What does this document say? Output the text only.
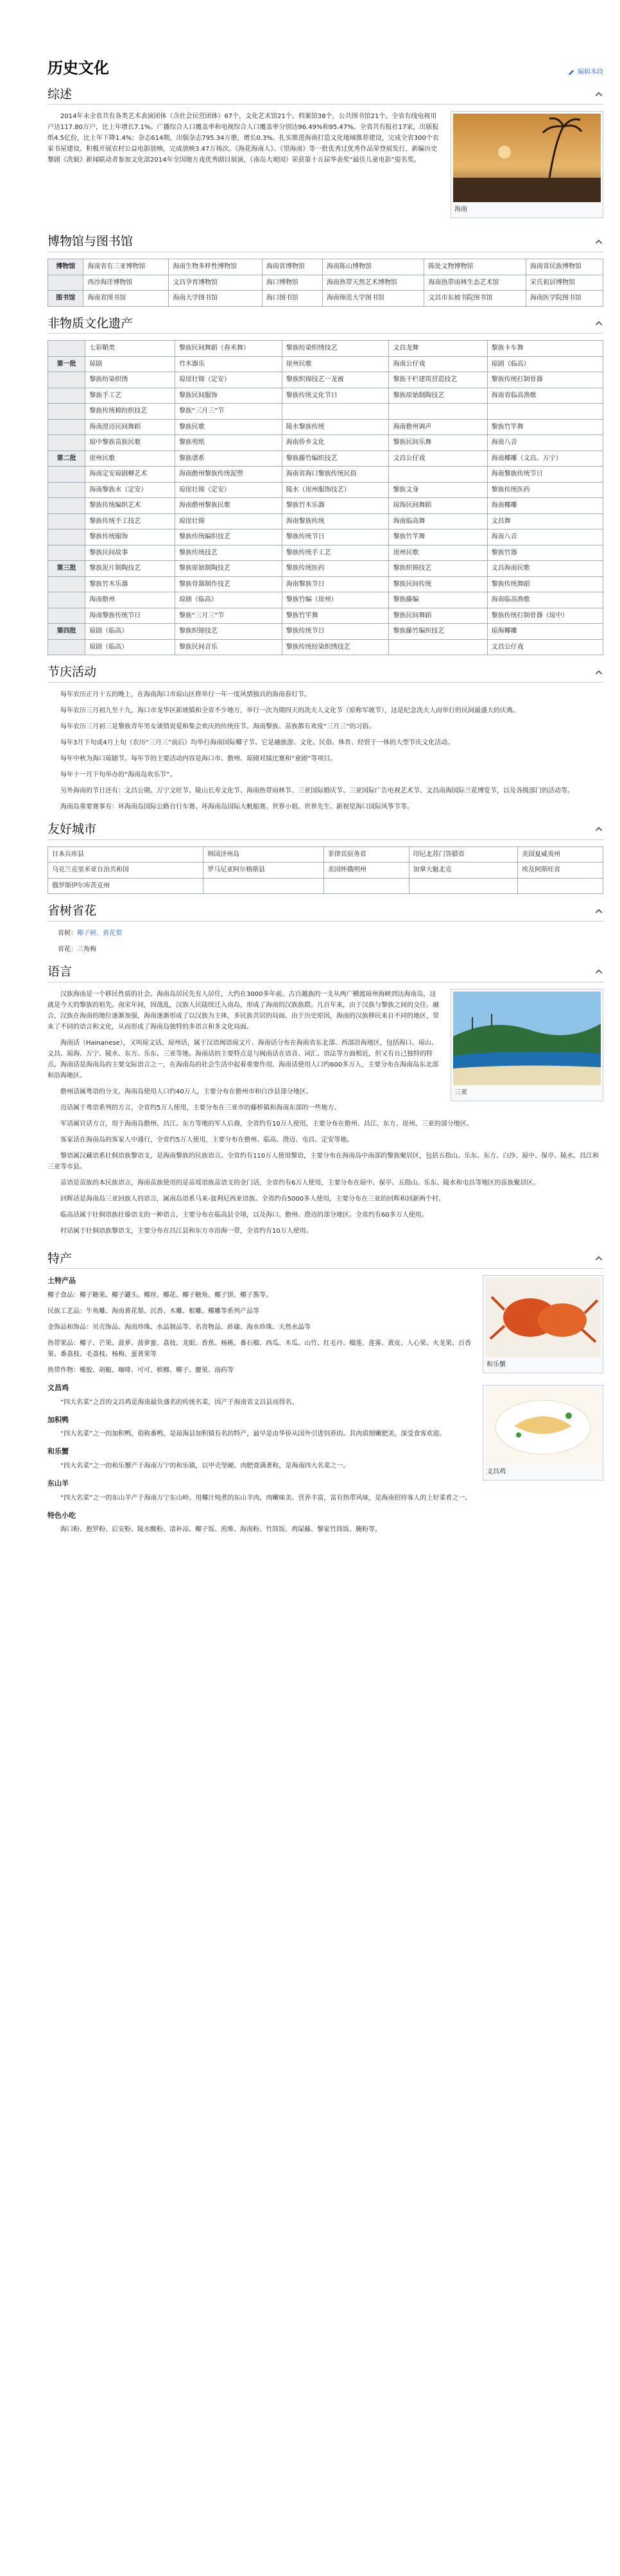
历史文化	编辑本段
综述
海南

2014年末全省共有各类艺术表演团体（含社会民营团体）67个，文化艺术馆21个。档案馆38个，公共图书馆21个。全省有线电视用户达117.80万户，比上年增长7.1%。广播综合人口覆盖率和电视综合人口覆盖率分别达96.49%和95.47%。全省共有报社17家，出版报纸4.5亿份，比上年下降1.4%；杂志614期，出版杂志795.34万册，增长0.3%。扎实推进海南打造文化地域推荐建设，完成全省300个农家书屋建设。积极开展农村公益电影放映，完成放映3.47万场次。《海花海南人》、《望海南》等一批优秀过优秀作品荣登展发行，新编历史黎剧《冼娘》新闻联动者参加文化部2014年全国地方戏优秀剧目展演，《南岛大观园》荣获第十五届华表奖“最佳儿童电影”提名奖。

博物馆与图书馆
博物馆	海南省有三亚博物馆	海南生物多样性博物馆	海南省博物馆	海南陈山博物馆	陈处文物博物馆	海南省民族博物馆
	西沙海洋博物馆	文昌孕育博物馆	海口博物馆	海南热带天然艺术博物馆	海南热带雨林生态艺术馆	宋氏祖居博物馆
图书馆	海南省图书馆	海南大学图书馆	海口图书馆	海南师范大学图书馆	文昌市东坡书院图书馆	海南医学院图书馆
非物质文化遗产
	七彩鞘类	黎族民间舞蹈（舂米舞）	黎族纺染织绣技艺	文昌龙舞	黎族卡车舞
第一批	琼剧	竹木器乐	崖州民歌	海南公仔戏	琼剧（临高）
	黎族纺染织绣	琼崖壮锦（定安）	黎族织锦技艺一龙被	黎族干栏建筑营造技艺	黎族传统打制骨器
	黎族手工艺	黎族民间服饰	黎族传统文化节日	黎族原始制陶技艺	海南省临高渔歌
	黎族传统棉纺织技艺	黎族“三月三”节			
	海南澄迈民间舞蹈	黎族民歌	陵水黎族传统	海南儋州调声	黎族竹竿舞
	琼中黎族苗族民歌	黎族剪纸	海南侨乡文化	黎族民间乐舞	海南八音
第二批	崖州民歌	黎族谱系	黎族藤竹编织技艺	文昌公仔戏	海南椰雕（文昌、万宁）
	海南定安琼剧柳艺术	海南儋州黎族传统泥塑	海南省海口黎族传统民俗		海南黎族传统节日
	海南黎族水（定安）	琼崖壮锦（定安）	陵水（崖州服饰技艺）	黎族文身	黎族传统医药
	黎族传统编织艺术	海南儋州黎族民歌	黎族竹木乐器	琼海民间舞蹈	海南椰雕
	黎族传统手工技艺	琼崖壮锦	海南黎族传统	海南临高舞	文昌舞
	黎族传统服饰	黎族传统编织技艺	黎族传统节日	黎族竹竿舞	海南八音
	黎族民间故事	黎族传统技艺	黎族传统手工艺	崖州民歌	黎族竹器
第三批	黎族泥片制陶技艺	黎族原始制陶技艺	黎族传统医药	黎族织锦技艺	文昌海南民歌
	黎族竹木乐器	黎族骨器制作技艺	海南黎族节日	黎族民间传统	黎族传统舞蹈
	海南儋州	琼剧（临高）	黎族竹编（崖州）	黎族藤编	海南临高渔歌
	海南黎族传统节日	黎族“三月三”节	黎族竹竿舞	黎族民间舞蹈	黎族传统打制骨器（琼中）
第四批	琼剧（临高）	黎族织锦技艺	黎族传统节日	黎族藤竹编织技艺	琼海椰雕
	琼剧（临高）	黎族民间音乐	黎族传统纺染织绣技艺		文昌公仔戏
节庆活动

每年农历正月十五的晚上，在海南海口市琼山区将举行一年一度风情独具的海南春灯节。

每年农历三月初九至十九，海口市龙华区新坡镇和全省不少地方，举行一次为期四天的冼夫人文化节（原称军坡节），这是纪念冼夫人而举行的民间最盛大的庆典。

每年农历三月初三是黎族青年男女谈情说爱和集会欢庆的传统佳节。海南黎族、苗族都有欢度“三月三”的习俗。

每年3月下旬或4月上旬（农历“三月三”前后）均举行海南国际椰子节。它是融旅游、文化、民俗、体育、经贸于一体的大型节庆文化活动。

每年中秋为海口琼剧节。每年节的主要活动内容是海口市、儋州、琼剧对擂比赛和“童剧”等项目。

每年十一月下旬举办的“海南岛欢乐节”。

另外海南的节日还有：文昌公期、万宁文旺节、陵山长寿文化节、海南热带雨林节、三亚国际婚庆节、三亚国际广告电视艺术节、文昌南海国际兰花博览节，以及各级部门的活动等。

海南岛重要赛事有：环海南岛国际公路自行车赛、环海南岛国际大帆船赛、世界小姐、世界先生、新视觉海口国际风筝节等。

友好城市
日本兵库县	韩国济州岛	菲律宾宿务省	印尼北苏门答腊省	美国夏威夷州
乌克兰克里米亚自治共和国	罗马尼亚阿尔格斯县	美国怀俄明州	加拿大魁北克	埃及阿斯旺省
俄罗斯伊尔库茨克州				
省树省花

省树：椰子树、黄花梨

省花：三角梅

语言
三亚

汉族海南是一个移民性质的社会。海南岛居民先有人居住，大约在3000多年前。古百越族的一支从两广横渡琼州海峡到达海南岛，这就是今天的黎族的祖先。南宋年间，因战乱，汉族人民陆续迁入南岛，形成了海南的汉族族群。几百年来，由于汉族与黎族之间的交往、融合，汉族在海南的地位逐渐加强，海南逐渐形成了以汉族为主体，多民族共居的局面。由于历史原因，海南的汉族移民来自不同的地区，带来了不同的语言和文化，从而形成了海南岛独特的多语言和多文化局面。

海南话（Hainanese），又叫琼文话、琼州话，属于汉语闽语琼文片。海南话分布在海南省东北部、西部沿海地区，包括海口、琼山、文昌、琼海、万宁、陵水、东方、乐东、三亚等地。海南话的主要特点是与闽南话在语音、词汇、语法等方面相近，但又有自己独特的特点。海南话是海南岛的主要交际语言之一，在海南岛的社会生活中起着重要作用。海南话使用人口约600多万人，主要分布在海南岛东北部和沿海地区。

儋州话属粤语的分支，海南岛使用人口约40万人，主要分布在儋州市和白沙县部分地区。

迈话属于粤语系列的方言，全省约5万人使用，主要分布在三亚市的藤桥镇和海南东部的一些地方。

军话属官话方言，用于海南岛儋州、昌江、东方等地的军人后裔，全省约有10万人使用，主要分布在儋州、昌江、东方、崖州、三亚的部分地区。

客家话在海南岛的客家人中通行，全省约5万人使用，主要分布在儋州、临高、澄迈、屯昌、定安等地。

黎语属汉藏语系壮侗语族黎语支，是海南黎族的民族语言。全省约有110万人使用黎语，主要分布在海南岛中南部的黎族聚居区，包括五指山、乐东、东方、白沙、琼中、保亭、陵水、昌江和三亚等市县。

苗语是苗族的本民族语言，海南苗族使用的是苗瑶语族苗语支的金门话，全省约有6万人使用，主要分布在琼中、保亭、五指山、乐东、陵水和屯昌等地区的苗族聚居区。

回辉话是海南岛三亚回族人的语言，属南岛语系马来-波利尼西亚语族。全省约有5000多人使用，主要分布在三亚的回辉和回新两个村。

临高话属于壮侗语族壮傣语支的一种语言，主要分布在临高县全境，以及海口、儋州、澄迈的部分地区。全省约有60多万人使用。

村话属于壮侗语族黎语支，主要分布在昌江县和东方市沿海一带，全省约有10万人使用。

特产
和乐蟹
土特产品

椰子食品：椰子糖果、椰子罐头、椰丝、椰花、椰子糖角、椰子饼、椰子酱等。

民族工艺品：牛角雕、海南黄花梨、沉香、木雕、根雕、椰雕等系列产品等

金饰品和饰品：贝壳饰品、海南珍珠、水晶制品等、名贵物品、砗磲、海水珍珠、天然水晶等

热带果品：椰子、芒果、菠萝、菠萝蜜、荔枝、龙眼、香蕉、杨桃、番石榴、西瓜、木瓜、山竹、红毛丹、榴莲、莲雾、黄皮、人心果、火龙果、百香果、番荔枝、毛荔枝、杨梅、蛋黄果等

热带作物：橡胶、胡椒、咖啡、可可、槟榔、椰子、腰果、南药等

文昌鸡
文昌鸡

“四大名菜”之首的文昌鸡是海南最负盛名的传统名菜，因产于海南省文昌县而得名。

加积鸭

“四大名菜”之一的加积鸭，俗称番鸭，是琼海县加积镇有名的特产，最早是由华侨从国外引进饲养的。其肉质细嫩肥美，深受食客欢迎。

和乐蟹

“四大名菜”之一的和乐蟹产于海南万宁的和乐镇，以甲壳坚硬、肉肥膏满著称，是海南四大名菜之一。

东山羊

“四大名菜”之一的东山羊产于海南万宁东山岭。用椰汁炖煮的东山羊肉，肉嫩味美、营养丰富，富有热带风味，是海南招待客人的上好菜肴之一。

特色小吃

海口粉、抱罗粉、后安粉、陵水酸粉、清补凉、椰子饭、煎堆、海南粉、竹筒饭、鸡屎藤、黎家竹筒饭、腌粉等。
